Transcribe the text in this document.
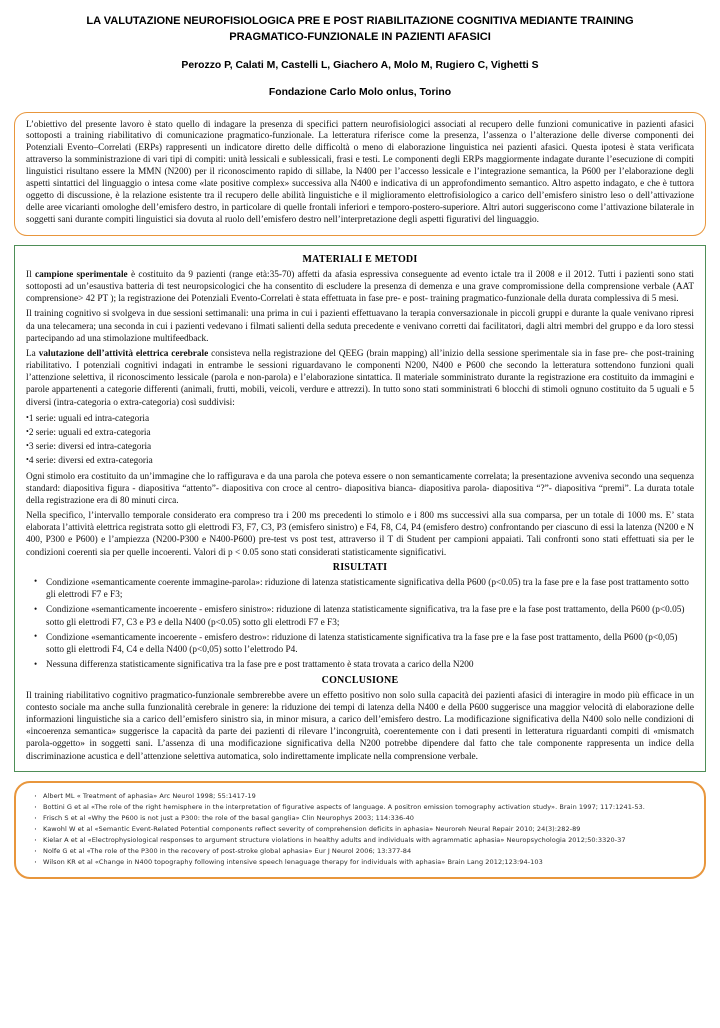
LA VALUTAZIONE NEUROFISIOLOGICA PRE E POST RIABILITAZIONE COGNITIVA MEDIANTE TRAINING PRAGMATICO-FUNZIONALE IN PAZIENTI AFASICI
Perozzo P, Calati M, Castelli L, Giachero A, Molo M, Rugiero C, Vighetti S
Fondazione Carlo Molo onlus, Torino

L’obiettivo del presente lavoro è stato quello di indagare la presenza di specifici pattern neurofisiologici associati al recupero delle funzioni comunicative in pazienti afasici sottoposti a training riabilitativo di comunicazione pragmatico-funzionale. La letteratura riferisce come la presenza, l’assenza o l’alterazione delle diverse componenti dei Potenziali Evento–Correlati (ERPs) rappresenti un indicatore diretto delle difficoltà o meno di elaborazione linguistica nei pazienti afasici. Questa ipotesi è stata verificata attraverso la somministrazione di vari tipi di compiti: unità lessicali e sublessicali, frasi e testi. Le componenti degli ERPs maggiormente indagate durante l’esecuzione di compiti linguistici risultano essere la MMN (N200) per il riconoscimento rapido di sillabe, la N400 per l’accesso lessicale e l’integrazione semantica, la P600 per l’elaborazione degli aspetti sintattici del linguaggio o intesa come «late positive complex» successiva alla N400 e indicativa di un approfondimento semantico. Altro aspetto indagato, e che è tuttora oggetto di discussione, è la relazione esistente tra il recupero delle abilità linguistiche e il miglioramento elettrofisiologico a carico dell’emisfero sinistro leso o dell’attivazione delle aree vicarianti omologhe dell’emisfero destro, in particolare di quelle frontali inferiori e temporo-postero-superiore. Altri autori suggeriscono come l’attivazione bilaterale in soggetti sani durante compiti linguistici sia dovuta al ruolo dell’emisfero destro nell’interpretazione degli aspetti figurativi del linguaggio.

MATERIALI E METODI

Il campione sperimentale è costituito da 9 pazienti (range età:35-70) affetti da afasia espressiva conseguente ad evento ictale tra il 2008 e il 2012. Tutti i pazienti sono stati sottoposti ad un’esaustiva batteria di test neuropsicologici che ha consentito di escludere la presenza di demenza e una grave compromissione della comprensione verbale (AAT comprensione> 42 PT ); la registrazione dei Potenziali Evento-Correlati è stata effettuata in fase pre- e post- training pragmatico-funzionale della durata complessiva di 5 mesi.

Il training cognitivo si svolgeva in due sessioni settimanali: una prima in cui i pazienti effettuavano la terapia conversazionale in piccoli gruppi e durante la quale venivano ripresi da una telecamera; una seconda in cui i pazienti vedevano i filmati salienti della seduta precedente e venivano corretti dai facilitatori, dagli altri membri del gruppo e da loro stessi partecipando ad una stimolazione multifeedback.

La valutazione dell’attività elettrica cerebrale consisteva nella registrazione del QEEG (brain mapping) all’inizio della sessione sperimentale sia in fase pre- che post-training riabilitativo. I potenziali cognitivi indagati in entrambe le sessioni riguardavano le componenti N200, N400 e P600 che secondo la letteratura sottendono funzioni quali l’attenzione selettiva, il riconoscimento lessicale (parola e non-parola) e l’elaborazione sintattica. Il materiale somministrato durante la registrazione era costituito da immagini e parole appartenenti a categorie differenti (animali, frutti, mobili, veicoli, verdure e attrezzi). In tutto sono stati somministrati 6 blocchi di stimoli ognuno costituito da 5 uguali e 5 diversi (intra-categoria o extra-categoria) così suddivisi:

• 1 serie: uguali ed intra-categoria
• 2 serie: uguali ed extra-categoria
• 3 serie: diversi ed intra-categoria
• 4 serie: diversi ed extra-categoria

Ogni stimolo era costituito da un’immagine che lo raffigurava e da una parola che poteva essere o non semanticamente correlata; la presentazione avveniva secondo una sequenza standard: diapositiva figura - diapositiva “attento”- diapositiva con croce al centro- diapositiva bianca- diapositiva parola- diapositiva “?”- diapositiva “premi”. La durata totale della registrazione era di 80 minuti circa.

Nella specifico, l’intervallo temporale considerato era compreso tra i 200 ms precedenti lo stimolo e i 800 ms successivi alla sua comparsa, per un totale di 1000 ms. E’ stata elaborata l’attività elettrica registrata sotto gli elettrodi F3, F7, C3, P3 (emisfero sinistro) e F4, F8, C4, P4 (emisfero destro) confrontando per ciascuno di essi la latenza (N200 e N 400, P300 e P600) e l’ampiezza (N200-P300 e N400-P600) pre-test vs post test, attraverso il T di Student per campioni appaiati. Tali confronti sono stati effettuati sia per le condizioni coerenti sia per quelle incoerenti. Valori di p < 0.05 sono stati considerati statisticamente significativi.

RISULTATI
• Condizione «semanticamente coerente immagine-parola»: riduzione di latenza statisticamente significativa della P600 (p<0.05) tra la fase pre e la fase post trattamento sotto gli elettrodi F7 e F3;
• Condizione «semanticamente incoerente - emisfero sinistro»: riduzione di latenza statisticamente significativa, tra la fase pre e la fase post trattamento, della P600 (p<0.05) sotto gli elettrodi F7, C3 e P3 e della N400 (p<0.05) sotto gli elettrodi F7 e F3;
• Condizione «semanticamente incoerente - emisfero destro»: riduzione di latenza statisticamente significativa tra la fase pre e la fase post trattamento, della P600 (p<0,05) sotto gli elettrodi F4, C4 e della N400 (p<0,05) sotto l’elettrodo P4.
• Nessuna differenza statisticamente significativa tra la fase pre e post trattamento è stata trovata a carico della N200
CONCLUSIONE

Il training riabilitativo cognitivo pragmatico-funzionale sembrerebbe avere un effetto positivo non solo sulla capacità dei pazienti afasici di interagire in modo più efficace in un contesto sociale ma anche sulla funzionalità cerebrale in genere: la riduzione dei tempi di latenza della N400 e della P600 suggerisce una maggior velocità di elaborazione delle informazioni linguistiche sia a carico dell’emisfero sinistro sia, in minor misura, a carico dell’emisfero destro. La modificazione significativa della N400 solo nelle condizioni di «incoerenza semantica» suggerisce la capacità da parte dei pazienti di rilevare l’incongruità, coerentemente con i dati presenti in letteratura riguardanti compiti di «mismatch parola-oggetto» in soggetti sani. L’assenza di una modificazione significativa della N200 potrebbe dipendere dal fatto che tale componente rappresenta un indice della discriminazione acustica e dell’attenzione selettiva automatica, solo indirettamente implicate nella comprensione verbale.

· Albert ML « Treatment of aphasia» Arc Neurol 1998; 55:1417-19
· Bottini G et al «The role of the right hemisphere in the interpretation of figurative aspects of language. A positron emission tomography activation study». Brain 1997; 117:1241-53.
· Frisch S et al «Why the P600 is not just a P300: the role of the basal ganglia» Clin Neurophys 2003; 114:336-40
· Kawohl W et al «Semantic Event-Related Potential components reflect severity of comprehension deficits in aphasia» Neuroreh Neural Repair 2010; 24(3):282-89
· Kielar A et al «Electrophysiological responses to argument structure violations in healthy adults and individuals with agrammatic aphasia» Neuropsychologia 2012;50:3320-37
· Nolfe G et al «The role of the P300 in the recovery of post-stroke global aphasia» Eur J Neurol 2006; 13:377-84
· Wilson KR et al «Change in N400 topography following intensive speech lenaguage therapy for individuals with aphasia» Brain Lang 2012;123:94-103
